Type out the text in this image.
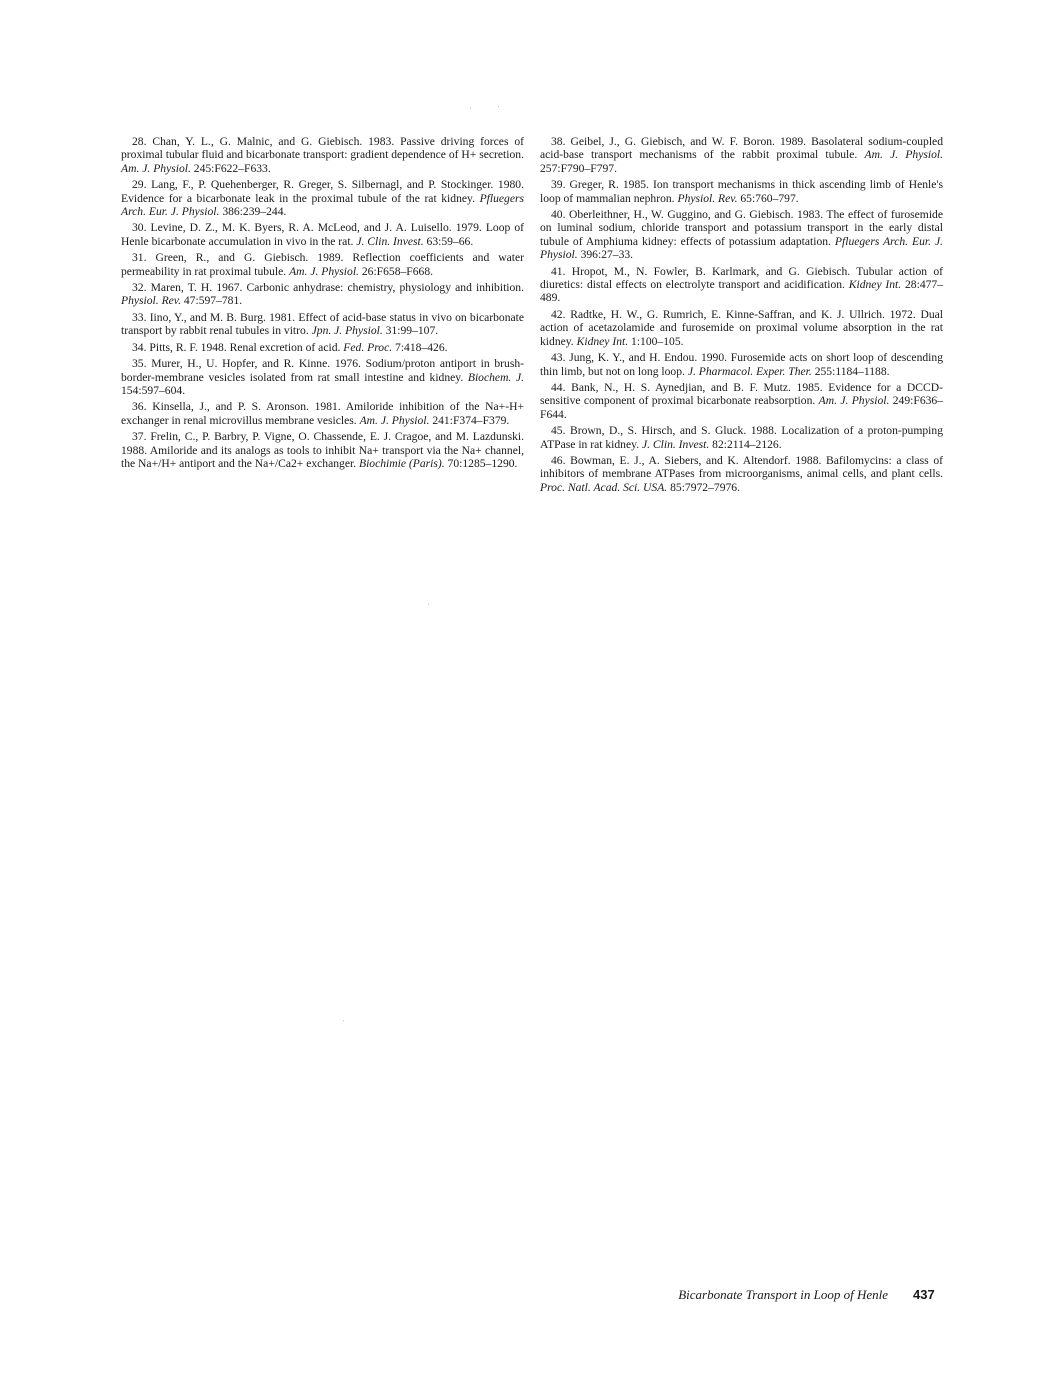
28. Chan, Y. L., G. Malnic, and G. Giebisch. 1983. Passive driving forces of proximal tubular fluid and bicarbonate transport: gradient dependence of H+ secretion. Am. J. Physiol. 245:F622–F633.

29. Lang, F., P. Quehenberger, R. Greger, S. Silbernagl, and P. Stockinger. 1980. Evidence for a bicarbonate leak in the proximal tubule of the rat kidney. Pfluegers Arch. Eur. J. Physiol. 386:239–244.

30. Levine, D. Z., M. K. Byers, R. A. McLeod, and J. A. Luisello. 1979. Loop of Henle bicarbonate accumulation in vivo in the rat. J. Clin. Invest. 63:59–66.

31. Green, R., and G. Giebisch. 1989. Reflection coefficients and water permeability in rat proximal tubule. Am. J. Physiol. 26:F658–F668.

32. Maren, T. H. 1967. Carbonic anhydrase: chemistry, physiology and inhibition. Physiol. Rev. 47:597–781.

33. Iino, Y., and M. B. Burg. 1981. Effect of acid-base status in vivo on bicarbonate transport by rabbit renal tubules in vitro. Jpn. J. Physiol. 31:99–107.

34. Pitts, R. F. 1948. Renal excretion of acid. Fed. Proc. 7:418–426.

35. Murer, H., U. Hopfer, and R. Kinne. 1976. Sodium/proton antiport in brush-border-membrane vesicles isolated from rat small intestine and kidney. Biochem. J. 154:597–604.

36. Kinsella, J., and P. S. Aronson. 1981. Amiloride inhibition of the Na+-H+ exchanger in renal microvillus membrane vesicles. Am. J. Physiol. 241:F374–F379.

37. Frelin, C., P. Barbry, P. Vigne, O. Chassende, E. J. Cragoe, and M. Lazdunski. 1988. Amiloride and its analogs as tools to inhibit Na+ transport via the Na+ channel, the Na+/H+ antiport and the Na+/Ca2+ exchanger. Biochimie (Paris). 70:1285–1290.

38. Geibel, J., G. Giebisch, and W. F. Boron. 1989. Basolateral sodium-coupled acid-base transport mechanisms of the rabbit proximal tubule. Am. J. Physiol. 257:F790–F797.

39. Greger, R. 1985. Ion transport mechanisms in thick ascending limb of Henle's loop of mammalian nephron. Physiol. Rev. 65:760–797.

40. Oberleithner, H., W. Guggino, and G. Giebisch. 1983. The effect of furosemide on luminal sodium, chloride transport and potassium transport in the early distal tubule of Amphiuma kidney: effects of potassium adaptation. Pfluegers Arch. Eur. J. Physiol. 396:27–33.

41. Hropot, M., N. Fowler, B. Karlmark, and G. Giebisch. Tubular action of diuretics: distal effects on electrolyte transport and acidification. Kidney Int. 28:477–489.

42. Radtke, H. W., G. Rumrich, E. Kinne-Saffran, and K. J. Ullrich. 1972. Dual action of acetazolamide and furosemide on proximal volume absorption in the rat kidney. Kidney Int. 1:100–105.

43. Jung, K. Y., and H. Endou. 1990. Furosemide acts on short loop of descending thin limb, but not on long loop. J. Pharmacol. Exper. Ther. 255:1184–1188.

44. Bank, N., H. S. Aynedjian, and B. F. Mutz. 1985. Evidence for a DCCD-sensitive component of proximal bicarbonate reabsorption. Am. J. Physiol. 249:F636–F644.

45. Brown, D., S. Hirsch, and S. Gluck. 1988. Localization of a proton-pumping ATPase in rat kidney. J. Clin. Invest. 82:2114–2126.

46. Bowman, E. J., A. Siebers, and K. Altendorf. 1988. Bafilomycins: a class of inhibitors of membrane ATPases from microorganisms, animal cells, and plant cells. Proc. Natl. Acad. Sci. USA. 85:7972–7976.

Bicarbonate Transport in Loop of Henle 437
